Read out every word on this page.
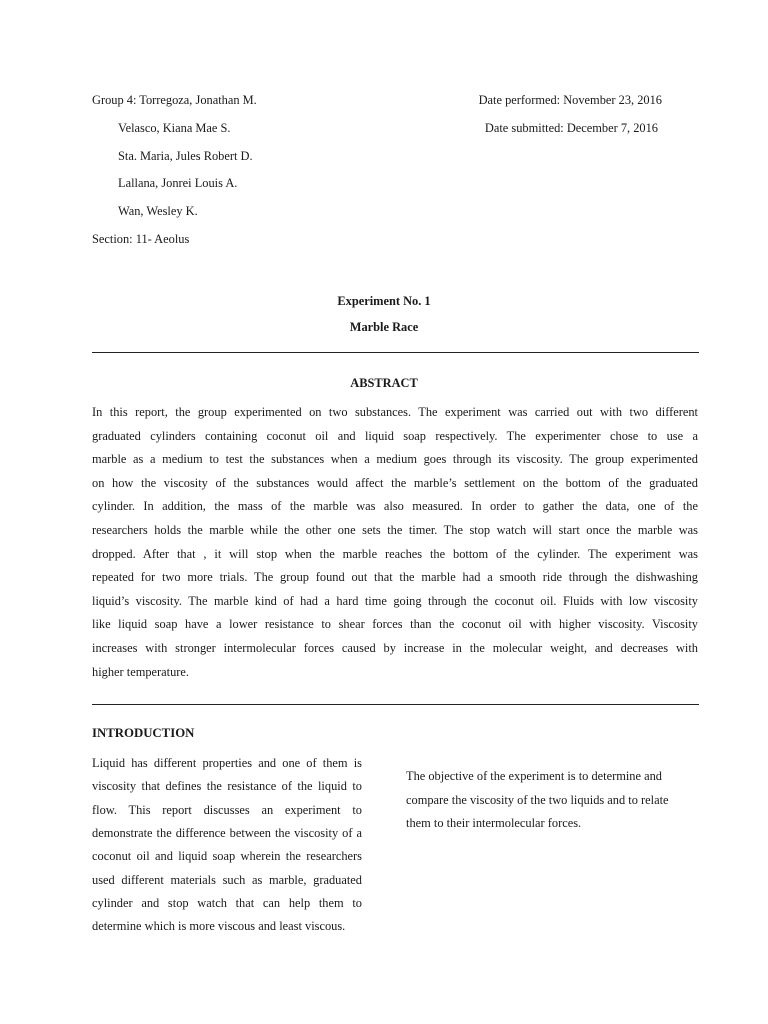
Group 4: Torregoza, Jonathan M.
Velasco, Kiana Mae S.
Sta. Maria, Jules Robert D.
Lallana, Jonrei Louis A.
Wan, Wesley K.
Section: 11- Aeolus
Date performed: November 23, 2016
Date submitted: December 7, 2016
Experiment No. 1
Marble Race
ABSTRACT
In this report, the group experimented on two substances. The experiment was carried out with two different
graduated cylinders containing coconut oil and liquid soap respectively. The experimenter chose to use a
marble as a medium to test the substances when a medium goes through its viscosity. The group experimented
on how the viscosity of the substances would affect the marble’s settlement on the bottom of the graduated
cylinder. In addition, the mass of the marble was also measured. In order to gather the data, one of the
researchers holds the marble while the other one sets the timer. The stop watch will start once the marble was
dropped. After that , it will stop when the marble reaches the bottom of the cylinder. The experiment was
repeated for two more trials. The group found out that the marble had a smooth ride through the dishwashing
liquid’s viscosity. The marble kind of had a hard time going through the coconut oil. Fluids with low viscosity
like liquid soap have a lower resistance to shear forces than the coconut oil with higher viscosity. Viscosity
increases with stronger intermolecular forces caused by increase in the molecular weight, and decreases with
higher temperature.
INTRODUCTION
Liquid has different properties and one of them is
viscosity that defines the resistance of the liquid to
flow. This report discusses an experiment to
demonstrate the difference between the viscosity of a
coconut oil and liquid soap wherein the researchers
used different materials such as marble, graduated
cylinder and stop watch that can help them to
determine which is more viscous and least viscous.
The objective of the experiment is to determine and
compare the viscosity of the two liquids and to relate
them to their intermolecular forces.
